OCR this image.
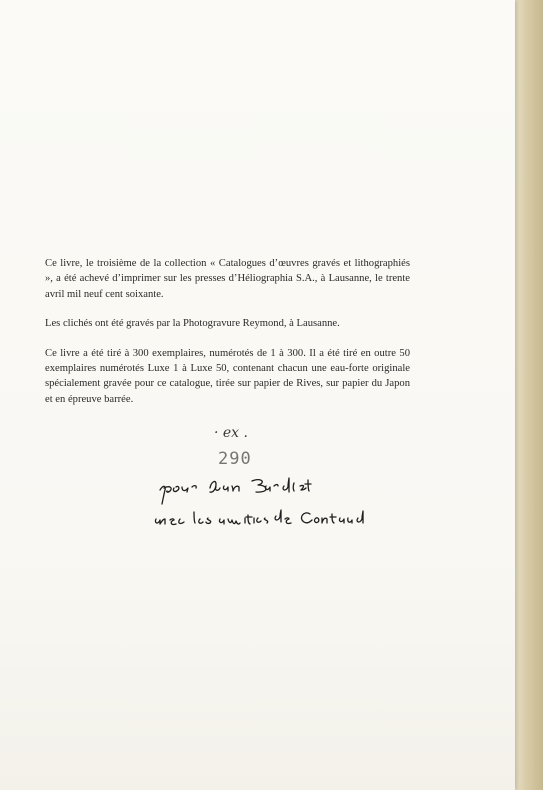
Ce livre, le troisième de la collection « Catalogues d’œuvres gravés et lithographiés », a été achevé d’imprimer sur les presses d’Héliographia S.A., à Lausanne, le trente avril mil neuf cent soixante.

Les clichés ont été gravés par la Photogravure Reymond, à Lausanne.

Ce livre a été tiré à 300 exemplaires, numérotés de 1 à 300. Il a été tiré en outre 50 exemplaires numérotés Luxe 1 à Luxe 50, contenant chacun une eau-forte originale spécialement gravée pour ce catalogue, tirée sur papier de Rives, sur papier du Japon et en épreuve barrée.

· ex .
290
